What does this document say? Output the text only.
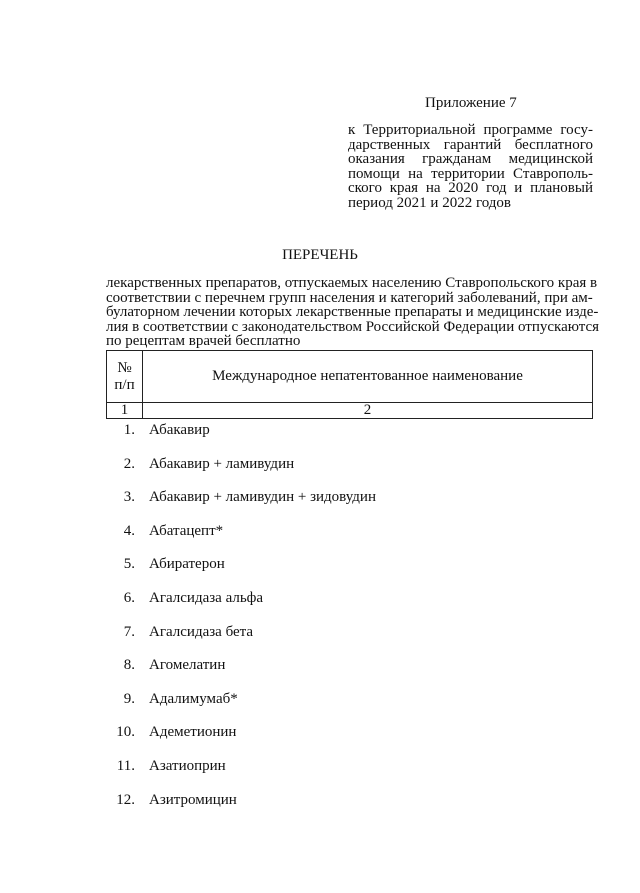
Приложение 7
к Территориальной программе госу-
дарственных гарантий бесплатного
оказания гражданам медицинской
помощи на территории Ставрополь-
ского края на 2020 год и плановый
период 2021 и 2022 годов
ПЕРЕЧЕНЬ
лекарственных препаратов, отпускаемых населению Ставропольского края в
соответствии с перечнем групп населения и категорий заболеваний, при ам-
булаторном лечении которых лекарственные препараты и медицинские изде-
лия в соответствии с законодательством Российской Федерации отпускаются
по рецептам врачей бесплатно
№
п/п	Международное непатентованное наименование
1	2
1. Абакавир
2. Абакавир + ламивудин
3. Абакавир + ламивудин + зидовудин
4. Абатацепт*
5. Абиратерон
6. Агалсидаза альфа
7. Агалсидаза бета
8. Агомелатин
9. Адалимумаб*
10. Адеметионин
11. Азатиоприн
12. Азитромицин
